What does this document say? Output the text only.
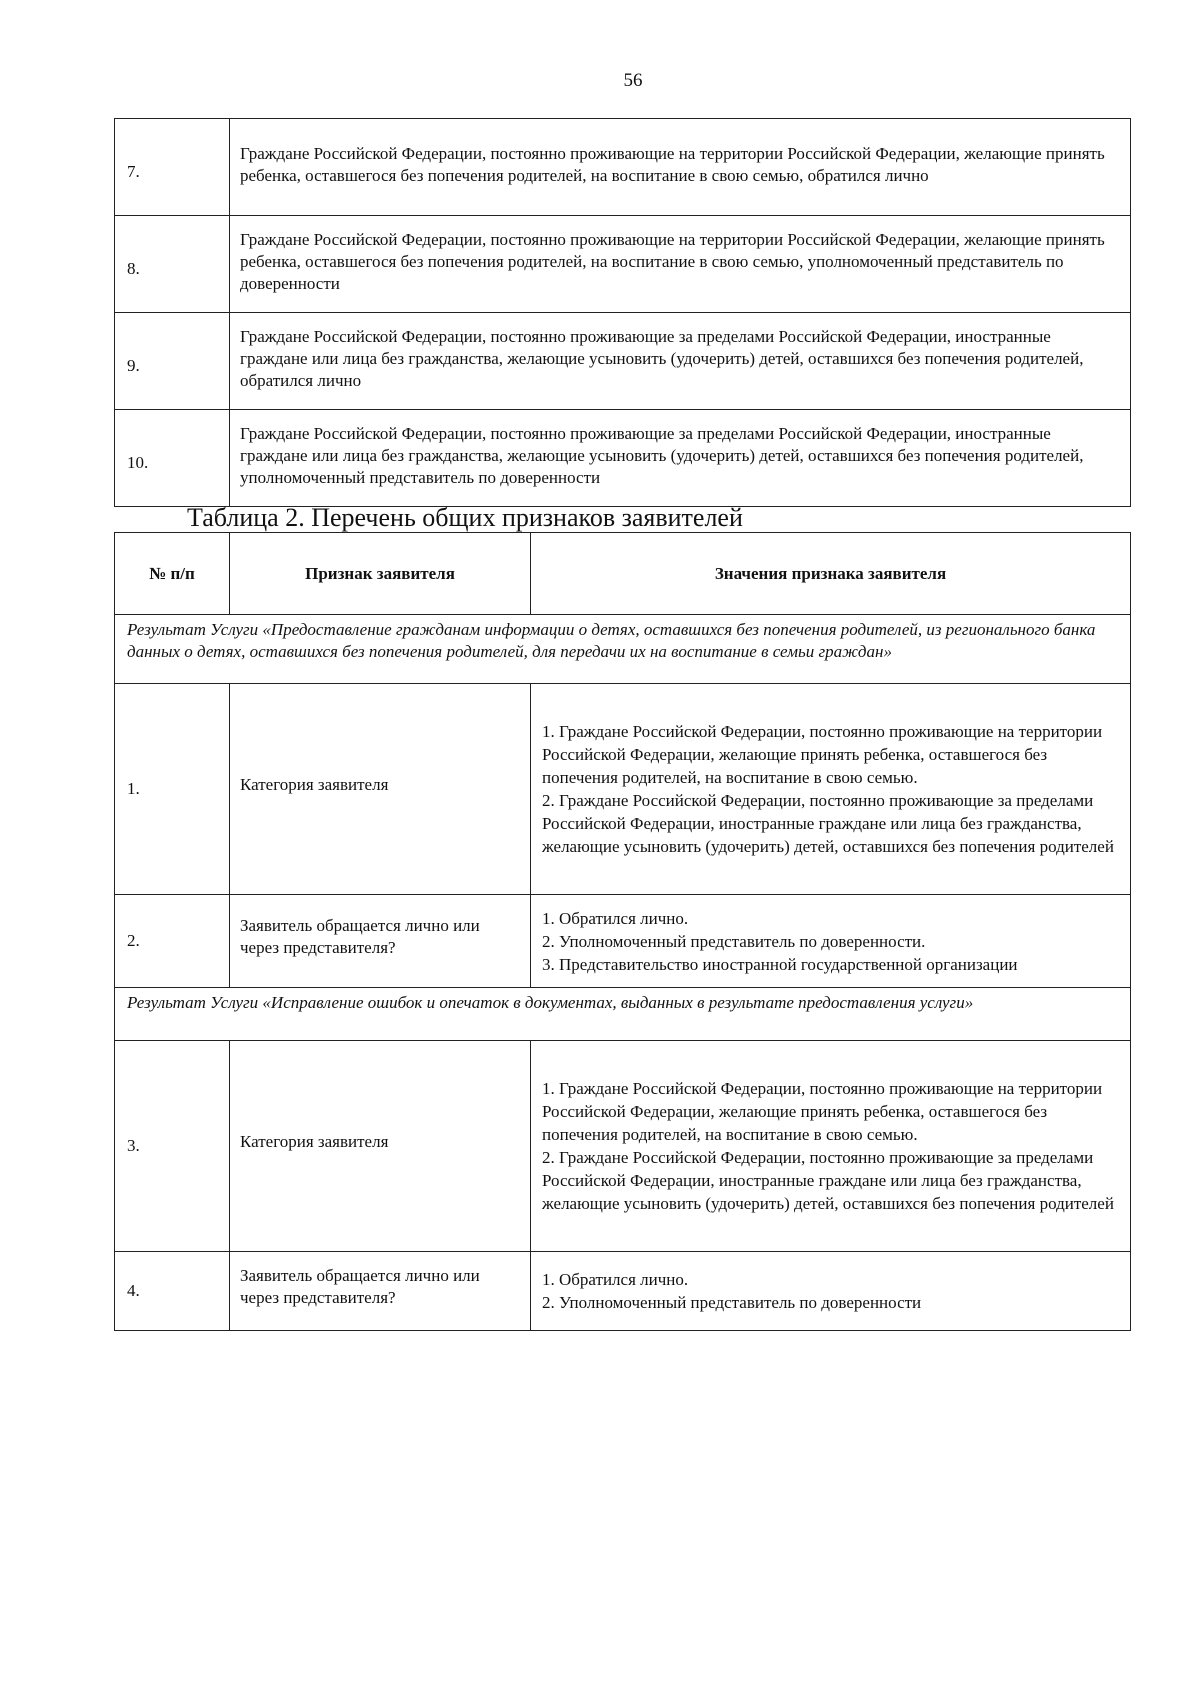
56
7.	Граждане Российской Федерации, постоянно проживающие на территории Российской Федерации, желающие принять ребенка, оставшегося без попечения родителей, на воспитание в свою семью, обратился лично
8.	Граждане Российской Федерации, постоянно проживающие на территории Российской Федерации, желающие принять ребенка, оставшегося без попечения родителей, на воспитание в свою семью, уполномоченный представитель по доверенности
9.	Граждане Российской Федерации, постоянно проживающие за пределами Российской Федерации, иностранные граждане или лица без гражданства, желающие усыновить (удочерить) детей, оставшихся без попечения родителей, обратился лично
10.	Граждане Российской Федерации, постоянно проживающие за пределами Российской Федерации, иностранные граждане или лица без гражданства, желающие усыновить (удочерить) детей, оставшихся без попечения родителей, уполномоченный представитель по доверенности
Таблица 2. Перечень общих признаков заявителей
№ п/п	Признак заявителя	Значения признака заявителя
Результат Услуги «Предоставление гражданам информации о детях, оставшихся без попечения родителей, из регионального банка данных о детях, оставшихся без попечения родителей, для передачи их на воспитание в семьи граждан»		
1.	Категория заявителя	1. Граждане Российской Федерации, постоянно проживающие на территории Российской Федерации, желающие принять ребенка, оставшегося без попечения родителей, на воспитание в свою семью.

2. Граждане Российской Федерации, постоянно проживающие за пределами Российской Федерации, иностранные граждане или лица без гражданства, желающие усыновить (удочерить) детей, оставшихся без попечения родителей

2.	Заявитель обращается лично или через представителя?	1. Обратился лично.

2. Уполномоченный представитель по доверенности.

3. Представительство иностранной государственной организации

Результат Услуги «Исправление ошибок и опечаток в документах, выданных в результате предоставления услуги»		
3.	Категория заявителя	1. Граждане Российской Федерации, постоянно проживающие на территории Российской Федерации, желающие принять ребенка, оставшегося без попечения родителей, на воспитание в свою семью.

2. Граждане Российской Федерации, постоянно проживающие за пределами Российской Федерации, иностранные граждане или лица без гражданства, желающие усыновить (удочерить) детей, оставшихся без попечения родителей

4.	Заявитель обращается лично или через представителя?	1. Обратился лично.

2. Уполномоченный представитель по доверенности
